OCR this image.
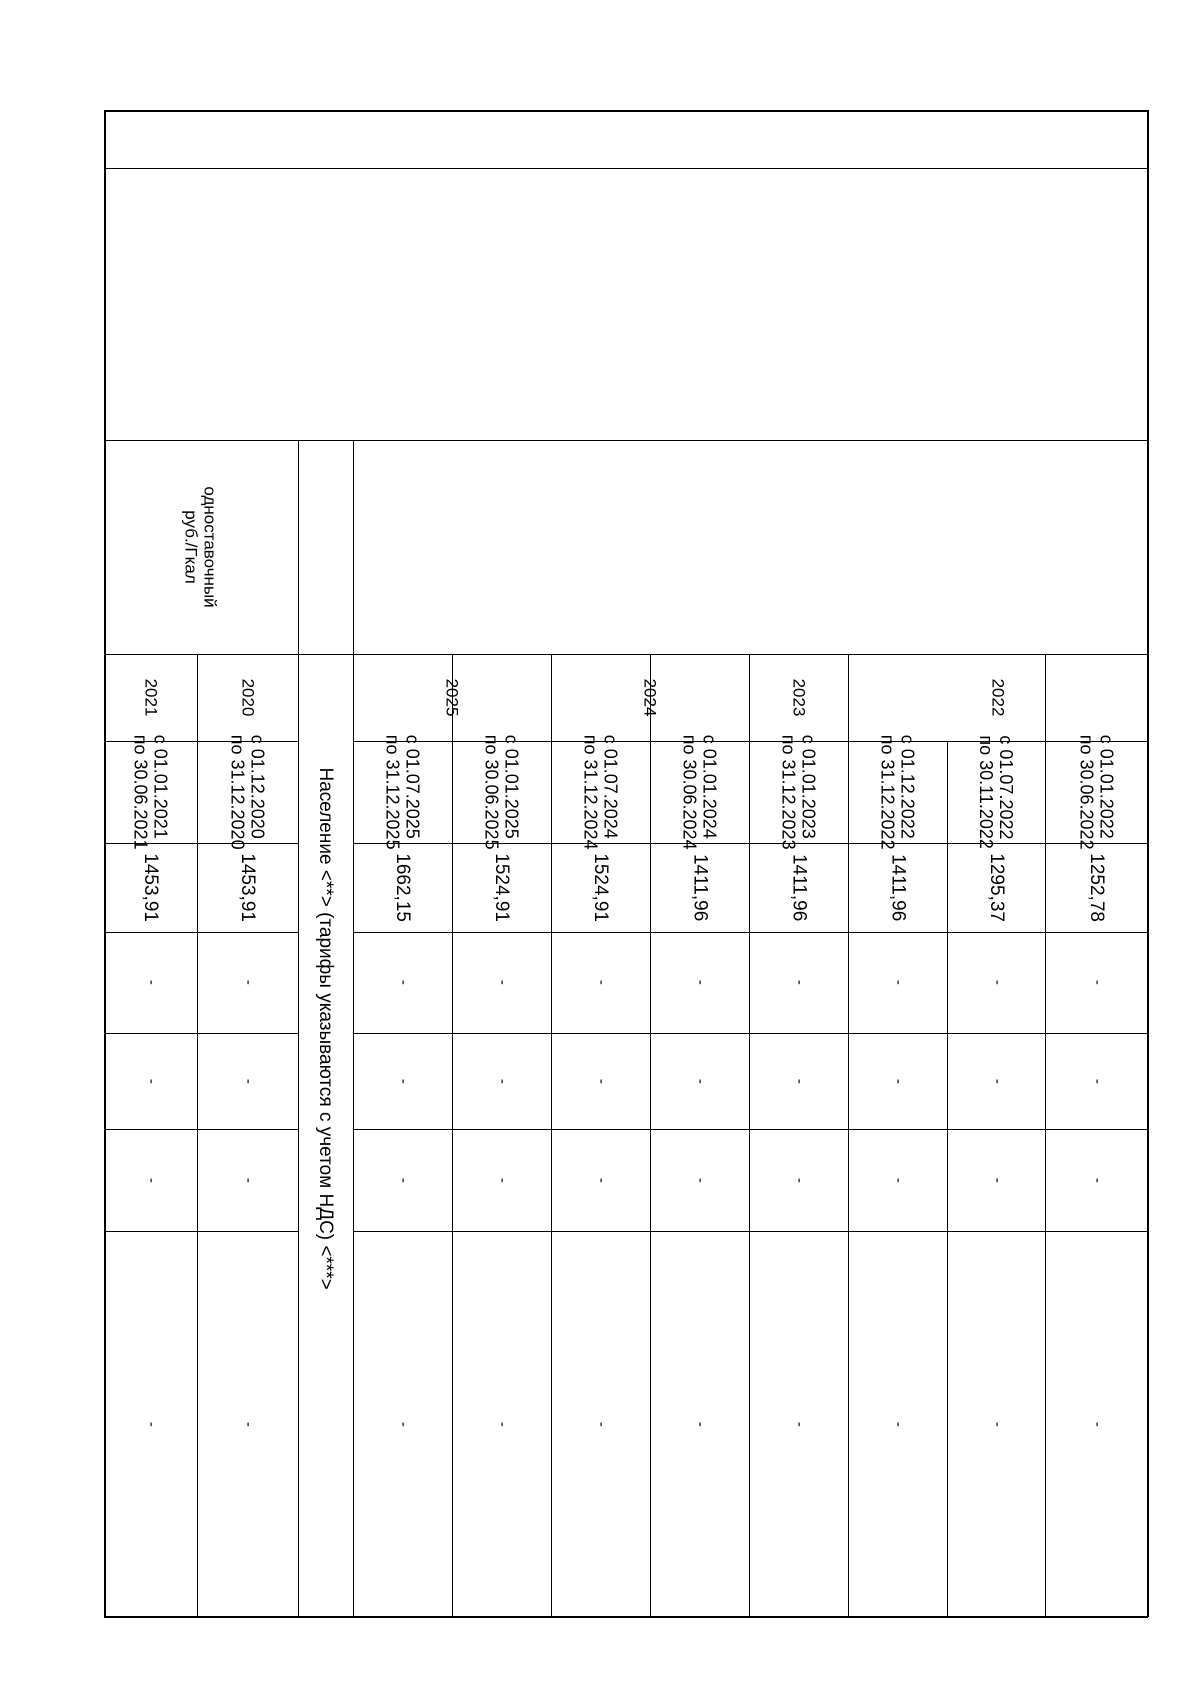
одноставочный
руб./Гкал
Население <**> (тарифы указываются с учетом НДС) <***>
2022
2023
2024
2025
2020
2021
с 01.01.2022
по 30.06.2022
1252,78
-
-
-
-
с 01.07.2022
по 30.11.2022
1295,37
-
-
-
-
с 01.12.2022
по 31.12.2022
1411,96
-
-
-
-
с 01.01.2023
по 31.12.2023
1411,96
-
-
-
-
с 01.01.2024
по 30.06.2024
1411,96
-
-
-
-
с 01.07.2024
по 31.12.2024
1524,91
-
-
-
-
с 01.01.2025
по 30.06.2025
1524,91
-
-
-
-
с 01.07.2025
по 31.12.2025
1662,15
-
-
-
-
с 01.12.2020
по 31.12.2020
1453,91
-
-
-
-
с 01.01.2021
по 30.06.2021
1453,91
-
-
-
-
